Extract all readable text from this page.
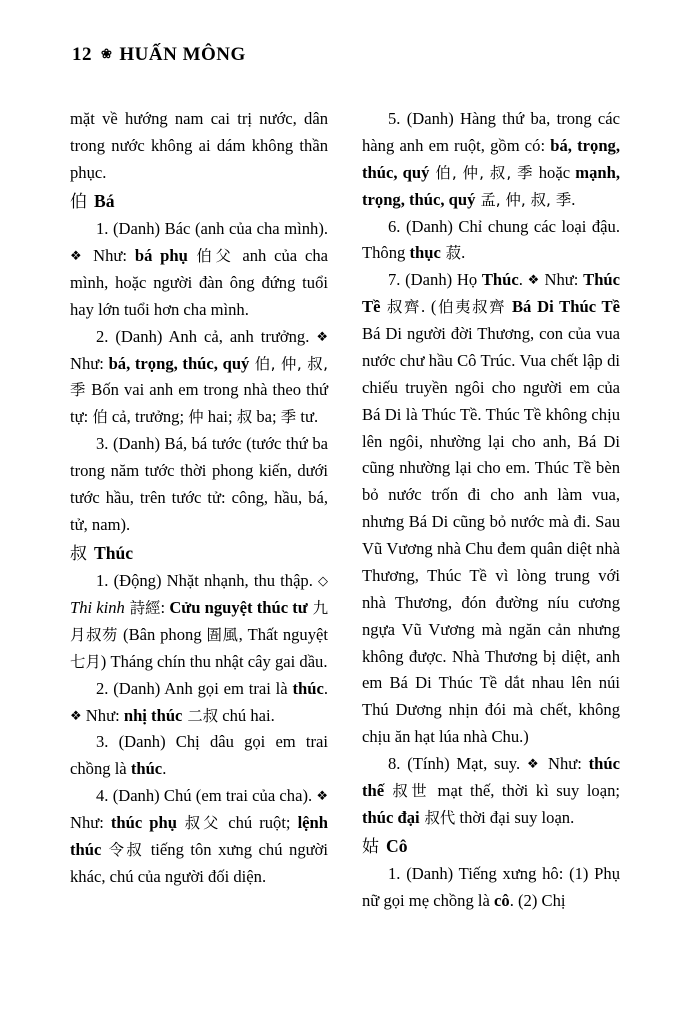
12 ❀ HUẤN MÔNG

mặt về hướng nam cai trị nước, dân trong nước không ai dám không thần phục.

伯 Bá

1. (Danh) Bác (anh của cha mình). ❖ Như: bá phụ 伯父 anh của cha mình, hoặc người đàn ông đứng tuổi hay lớn tuổi hơn cha mình.

2. (Danh) Anh cả, anh trưởng. ❖ Như: bá, trọng, thúc, quý 伯, 仲, 叔, 季 Bốn vai anh em trong nhà theo thứ tự: 伯 cả, trưởng; 仲 hai; 叔 ba; 季 tư.

3. (Danh) Bá, bá tước (tước thứ ba trong năm tước thời phong kiến, dưới tước hầu, trên tước tử: công, hầu, bá, tử, nam).

叔 Thúc

1. (Động) Nhặt nhạnh, thu thập. ◇ Thi kinh 詩經: Cửu nguyệt thúc tư 九月叔芴 (Bân phong 圄風, Thất nguyệt 七月) Tháng chín thu nhật cây gai dầu.

2. (Danh) Anh gọi em trai là thúc. ❖ Như: nhị thúc 二叔 chú hai.

3. (Danh) Chị dâu gọi em trai chồng là thúc.

4. (Danh) Chú (em trai của cha). ❖ Như: thúc phụ 叔父 chú ruột; lệnh thúc 令叔 tiếng tôn xưng chú người khác, chú của người đối diện.

5. (Danh) Hàng thứ ba, trong các hàng anh em ruột, gồm có: bá, trọng, thúc, quý 伯, 仲, 叔, 季 hoặc mạnh, trọng, thúc, quý 孟, 仲, 叔, 季.

6. (Danh) Chỉ chung các loại đậu. Thông thục 菽.

7. (Danh) Họ Thúc. ❖ Như: Thúc Tề 叔齊. (伯夷叔齊 Bá Di Thúc Tề Bá Di người đời Thương, con của vua nước chư hầu Cô Trúc. Vua chết lập di chiếu truyền ngôi cho người em của Bá Di là Thúc Tề. Thúc Tề không chịu lên ngôi, nhường lại cho anh, Bá Di cũng nhường lại cho em. Thúc Tề bèn bỏ nước trốn đi cho anh làm vua, nhưng Bá Di cũng bỏ nước mà đi. Sau Vũ Vương nhà Chu đem quân diệt nhà Thương, Thúc Tề vì lòng trung với nhà Thương, đón đường níu cương ngựa Vũ Vương mà ngăn cản nhưng không được. Nhà Thương bị diệt, anh em Bá Di Thúc Tề dắt nhau lên núi Thú Dương nhịn đói mà chết, không chịu ăn hạt lúa nhà Chu.)

8. (Tính) Mạt, suy. ❖ Như: thúc thế 叔世 mạt thế, thời kì suy loạn; thúc đại 叔代 thời đại suy loạn.

姑 Cô

1. (Danh) Tiếng xưng hô: (1) Phụ nữ gọi mẹ chồng là cô. (2) Chị
